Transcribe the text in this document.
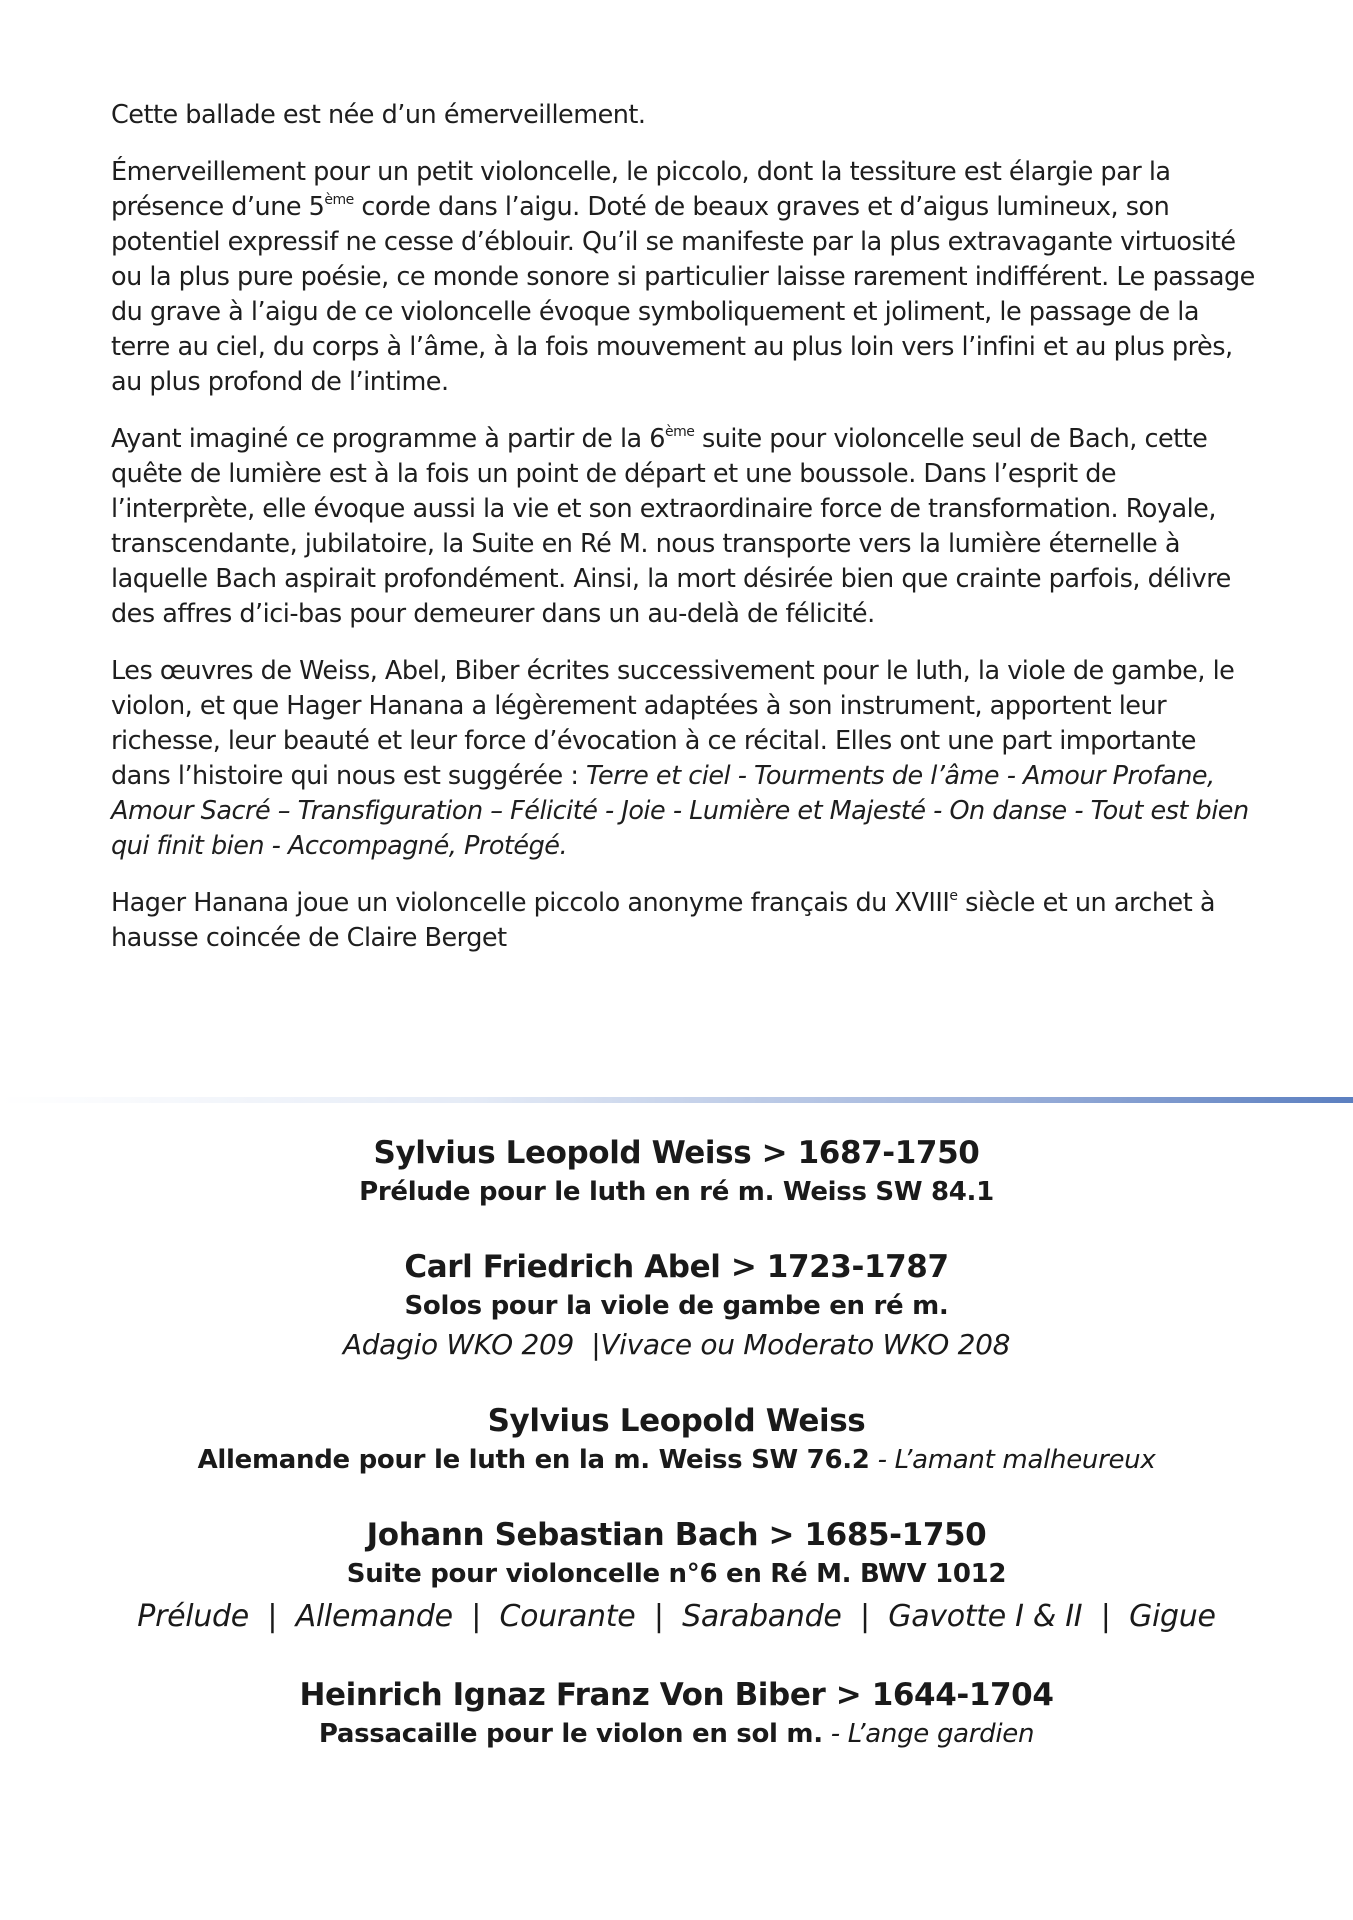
Cette ballade est née d’un émerveillement.

Émerveillement pour un petit violoncelle, le piccolo, dont la tessiture est élargie par la présence d’une 5ème corde dans l’aigu. Doté de beaux graves et d’aigus lumineux, son potentiel expressif ne cesse d’éblouir. Qu’il se manifeste par la plus extravagante virtuosité ou la plus pure poésie, ce monde sonore si particulier laisse rarement indifférent. Le passage du grave à l’aigu de ce violoncelle évoque symboliquement et joliment, le passage de la terre au ciel, du corps à l’âme, à la fois mouvement au plus loin vers l’infini et au plus près, au plus profond de l’intime.

Ayant imaginé ce programme à partir de la 6ème suite pour violoncelle seul de Bach, cette quête de lumière est à la fois un point de départ et une boussole. Dans l’esprit de l’interprète, elle évoque aussi la vie et son extraordinaire force de transformation. Royale, transcendante, jubilatoire, la Suite en Ré M. nous transporte vers la lumière éternelle à laquelle Bach aspirait profondément. Ainsi, la mort désirée bien que crainte parfois, délivre des affres d’ici-bas pour demeurer dans un au-delà de félicité.

Les œuvres de Weiss, Abel, Biber écrites successivement pour le luth, la viole de gambe, le violon, et que Hager Hanana a légèrement adaptées à son instrument, apportent leur richesse, leur beauté et leur force d’évocation à ce récital. Elles ont une part importante dans l’histoire qui nous est suggérée : Terre et ciel - Tourments de l’âme - Amour Profane, Amour Sacré – Transfiguration – Félicité - Joie - Lumière et Majesté - On danse - Tout est bien qui finit bien - Accompagné, Protégé.

Hager Hanana joue un violoncelle piccolo anonyme français du XVIIIe siècle et un archet à hausse coincée de Claire Berget

Sylvius Leopold Weiss > 1687-1750
Prélude pour le luth en ré m. Weiss SW 84.1
Carl Friedrich Abel > 1723-1787
Solos pour la viole de gambe en ré m.
Adagio WKO 209  |Vivace ou Moderato WKO 208
Sylvius Leopold Weiss
Allemande pour le luth en la m. Weiss SW 76.2 - L’amant malheureux
Johann Sebastian Bach > 1685-1750
Suite pour violoncelle n°6 en Ré M. BWV 1012
Prélude  |  Allemande  |  Courante  |  Sarabande  |  Gavotte I & II  |  Gigue
Heinrich Ignaz Franz Von Biber > 1644-1704
Passacaille pour le violon en sol m. - L’ange gardien
